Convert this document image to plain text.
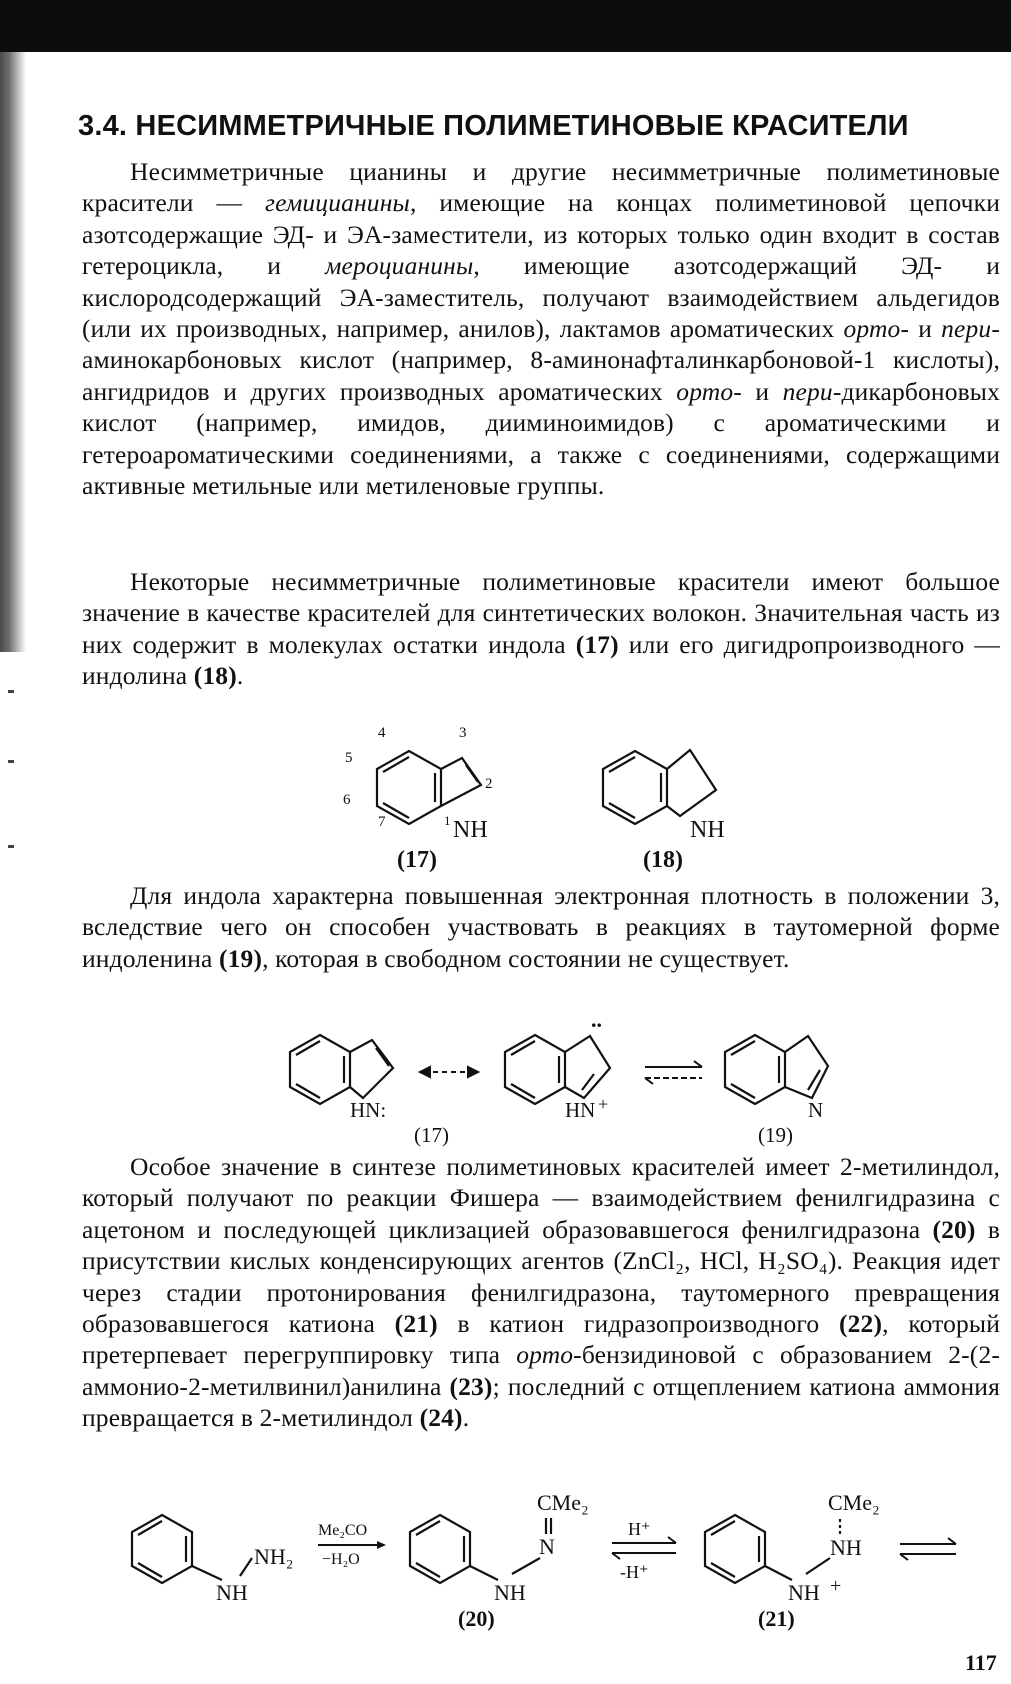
3.4. НЕСИММЕТРИЧНЫЕ ПОЛИМЕТИНОВЫЕ КРАСИТЕЛИ

Несимметричные цианины и другие несимметричные полиметиновые красители — гемицианины, имеющие на концах полиметиновой цепочки азотсодержащие ЭД- и ЭА-заместители, из которых только один входит в состав гетероцикла, и мероцианины, имеющие азотсодержащий ЭД- и кислородсодержащий ЭА-заместитель, получают взаимодействием альдегидов (или их производных, например, анилов), лактамов ароматических орто- и пери-аминокарбоновых кислот (например, 8-аминонафталинкарбоновой-1 кислоты), ангидридов и других производных ароматических орто- и пери-дикарбоновых кислот (например, имидов, дииминоимидов) с ароматическими и гетероароматическими соединениями, а также с соединениями, содержащими активные метильные или метиленовые группы.

Некоторые несимметричные полиметиновые красители имеют большое значение в качестве красителей для синтетических волокон. Значительная часть из них содержит в молекулах остатки индола (17) или его дигидропроизводного — индолина (18).

4	3
5
2
6
7	1 NH	NH
(17)	(18)

Для индола характерна повышенная электронная плотность в положении 3, вследствие чего он способен участвовать в реакциях в таутомерной форме индоленина (19), которая в свободном состоянии не существует.

HN:
..
HN +	N
(17)	(19)

Особое значение в синтезе полиметиновых красителей имеет 2-метилиндол, который получают по реакции Фишера — взаимодействием фенилгидразина с ацетоном и последующей циклизацией образовавшегося фенилгидразона (20) в присутствии кислых конденсирующих агентов (ZnCl₂, HCl, H₂SO₄). Реакция идет через стадии протонирования фенилгидразона, таутомерного превращения образовавшегося катиона (21) в катион гидразопроизводного (22), который претерпевает перегруппировку типа орто-бензидиновой с образованием 2-(2-аммонио-2-метилвинил)анилина (23); последний с отщеплением катиона аммония превращается в 2-метилиндол (24).

NH₂
NH
Me₂CO
−H₂O
CMe₂
N
NH
H⁺
-H⁺
CMe₂
NH
NH +
(20)	(21)
117
